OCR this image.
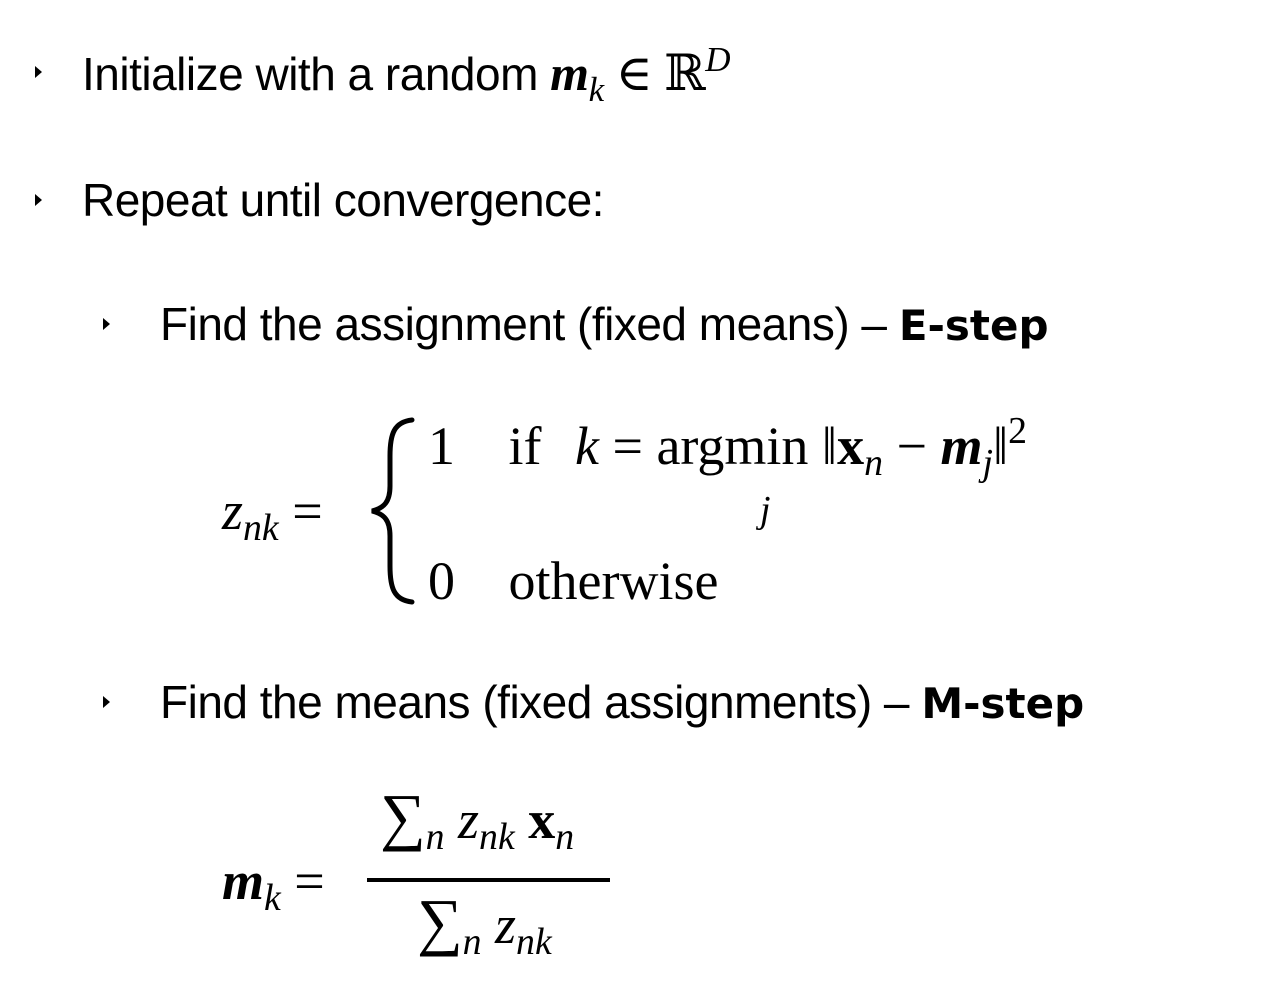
Initialize with a random $m_k$ ∈ ℝ$^D$
Repeat until convergence:
Find the assignment (fixed means) – E-step
$z_{nk}$ =
1 if k = argmin $‖x_n$ − $m_j‖^2$
j
0 otherwise
Find the means (fixed assignments) – M-step
$m_k$ =
$\sum_n$ $z_{nk}$ $x_n$
$\sum_n$ $z_{nk}$
